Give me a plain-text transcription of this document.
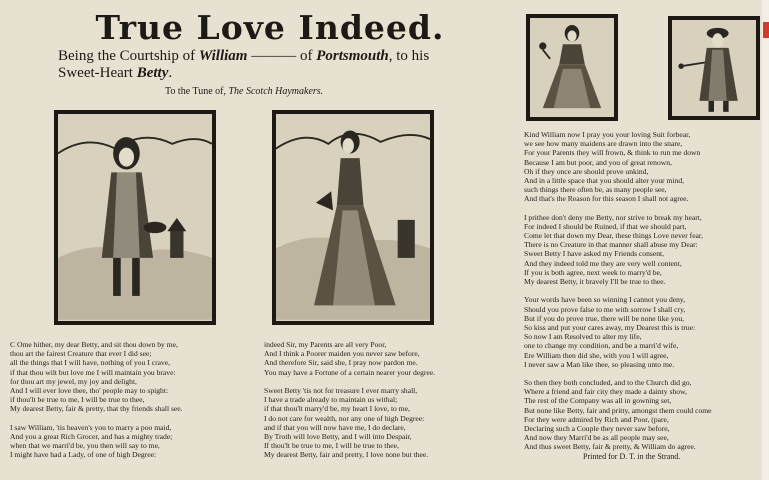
True Love Indeed.
Being the Courtship of William ——— of Portsmouth, to his
Sweet-Heart Betty.
To the Tune of, The Scotch Haymakers.
C Ome hither, my dear Betty, and sit thou down by me,
thou art the fairest Creature that ever I did see;
all the things that I will have, nothing of you I crave,
if that thou wilt but love me I will maintain you brave:
for thou art my jewel, my joy and delight,
And I will ever love thee, tho' people may to spight:
if thou'lt be true to me, I will be true to thee,
My dearest Betty, fair & pretty, that thy friends shall see.
I saw William, 'tis heaven's you to marry a poo maid,
And you a great Rich Grocer, and has a mighty trade;
when that we marri'd be, you then will say to me,
I might have had a Lady, of one of high Degree:
indeed Sir, my Parents are all very Poor,
And I think a Poorer maiden you never saw before,
And therefore Sir, said she, I pray now pardon me.
You may have a Fortune of a certain nearer your degree.
Sweet Betty 'tis not for treasure I ever marry shall,
I have a trade already to maintain us withal;
if that thou'lt marry'd be, my heart I love, to me,
I do not care for wealth, nor any one of high Degree:
and if that you will now have me, I do declare,
By Troth will love Betty, and I will into Despair,
If thou'lt be true to me, I will be true to thee,
My dearest Betty, fair and pretty, I love none but thee.
Kind William now I pray you your loving Suit forbear,
we see how many maidens are drawn into the snare,
For your Parents they will frown, & think to run me down
Because I am but poor, and you of great renown,
Oh if they once are should prove unkind,
And in a little space that you should alter your mind,
such things there often be, as many people see,
And that's the Reason for this season I shall not agree.
I prithee don't deny me Betty, nor strive to break my heart,
For indeed I should be Ruined, if that we should part,
Come let that down my Dear, these things Love never fear,
There is no Creature in that manner shall abuse my Dear:
Sweet Betty I have asked my Friends consent,
And they indeed told me they are very well content,
If you is both agree, next week to marry'd be,
My dearest Betty, it bravely I'll be true to thee.
Your words have been so winning I cannot you deny,
Should you prove false to me with sorrow I shall cry,
But if you do prove true, there will be none like you,
So kiss and put your cares away, my Dearest this is true:
So now I am Resolved to alter my life,
one to change my condition, and be a marri'd wife,
Ere William then did she, with you I will agree,
I never saw a Man like thee, so pleasing unto me.
So then they both concluded, and to the Church did go,
Where a friend and fair city they made a dainty show,
The rest of the Company was all in gowning set,
But none like Betty, fair and pritty, amongst them could come
For they were admired by Rich and Poor, (pare,
Declaring such a Couple they never saw before,
And now they Marri'd be as all people may see,
And thus sweet Betty, fair & pretty, & William do agree.
Printed for D. T. in the Strand.
